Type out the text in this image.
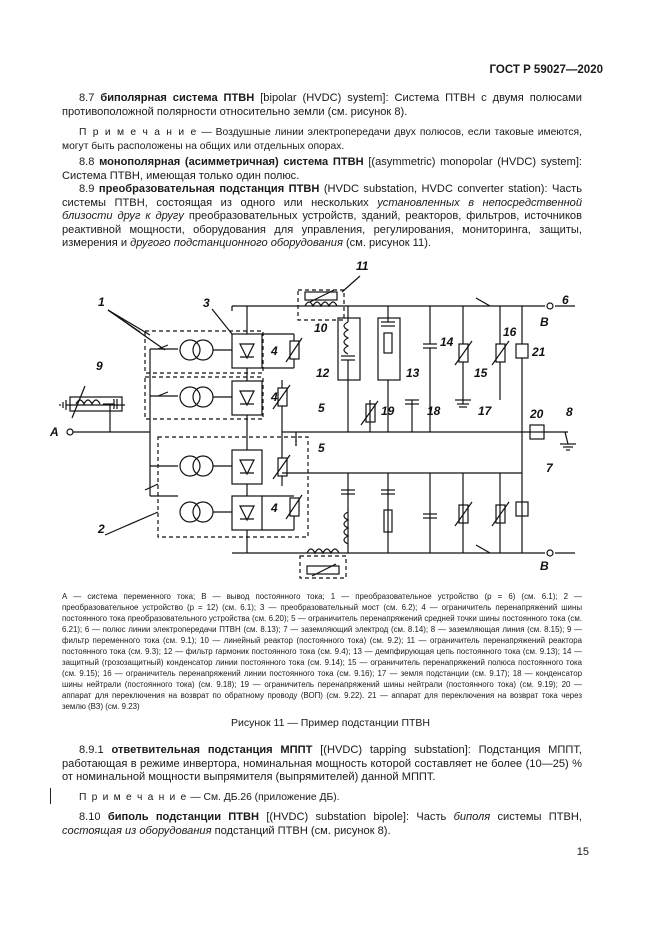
ГОСТ Р 59027—2020
8.7 биполярная система ПТВН [bipolar (HVDC) system]: Система ПТВН с двумя полюсами противоположной полярности относительно земли (см. рисунок 8).
П р и м е ч а н и е — Воздушные линии электропередачи двух полюсов, если таковые имеются, могут быть расположены на общих или отдельных опорах.
8.8 монополярная (асимметричная) система ПТВН [(asymmetric) monopolar (HVDC) system]: Система ПТВН, имеющая только один полюс.
8.9 преобразовательная подстанция ПТВН (HVDC substation, HVDC converter station): Часть системы ПТВН, состоящая из одного или нескольких установленных в непосредственной близости друг к другу преобразовательных устройств, зданий, реакторов, фильтров, источников реактивной мощности, оборудования для управления, регулирования, мониторинга, защиты, измерения и другого подстанционного оборудования (см. рисунок 11).
1
2
3
4
4
4
5
5
6
7
8
9
10
11
12	13
14
15
16
17
18
19	20
21
A
B
B
А — система переменного тока; В — вывод постоянного тока; 1 — преобразовательное устройство (p = 6) (см. 6.1); 2 — преобразовательное устройство (p = 12) (см. 6.1); 3 — преобразовательный мост (см. 6.2); 4 — ограничитель перенапряжений шины постоянного тока преобразовательного устройства (см. 6.20); 5 — ограничитель перенапряжений средней точки шины постоянного тока (см. 6.21); 6 — полюс линии электропередачи ПТВН (см. 8.13); 7 — заземляющий электрод (см. 8.14); 8 — заземляющая линия (см. 8.15); 9 — фильтр переменного тока (см. 9.1); 10 — линейный реактор (постоянного тока) (см. 9.2); 11 — ограничитель перенапряжений реактора постоянного тока (см. 9.3); 12 — фильтр гармоник постоянного тока (см. 9.4); 13 — демпфирующая цепь постоянного тока (см. 9.13); 14 — защитный (грозозащитный) конденсатор линии постоянного тока (см. 9.14); 15 — ограничитель перенапряжений полюса постоянного тока (см. 9.15); 16 — ограничитель перенапряжений линии постоянного тока (см. 9.16); 17 — земля подстанции (см. 9.17); 18 — конденсатор шины нейтрали (постоянного тока) (см. 9.18); 19 — ограничитель перенапряжений шины нейтрали (постоянного тока) (см. 9.19); 20 — аппарат для переключения на возврат по обратному проводу (ВОП) (см. 9.22). 21 — аппарат для переключения на возврат тока через землю (ВЗ) (см. 9.23)
Рисунок 11 — Пример подстанции ПТВН
8.9.1 ответвительная подстанция МППТ [(HVDC) tapping substation]: Подстанция МППТ, работающая в режиме инвертора, номинальная мощность которой составляет не более (10—25) % от номинальной мощности выпрямителя (выпрямителей) данной МППТ.
П р и м е ч а н и е — См. ДБ.26 (приложение ДБ).
8.10 биполь подстанции ПТВН [(HVDC) substation bipole]: Часть биполя системы ПТВН, состоящая из оборудования подстанций ПТВН (см. рисунок 8).
15
